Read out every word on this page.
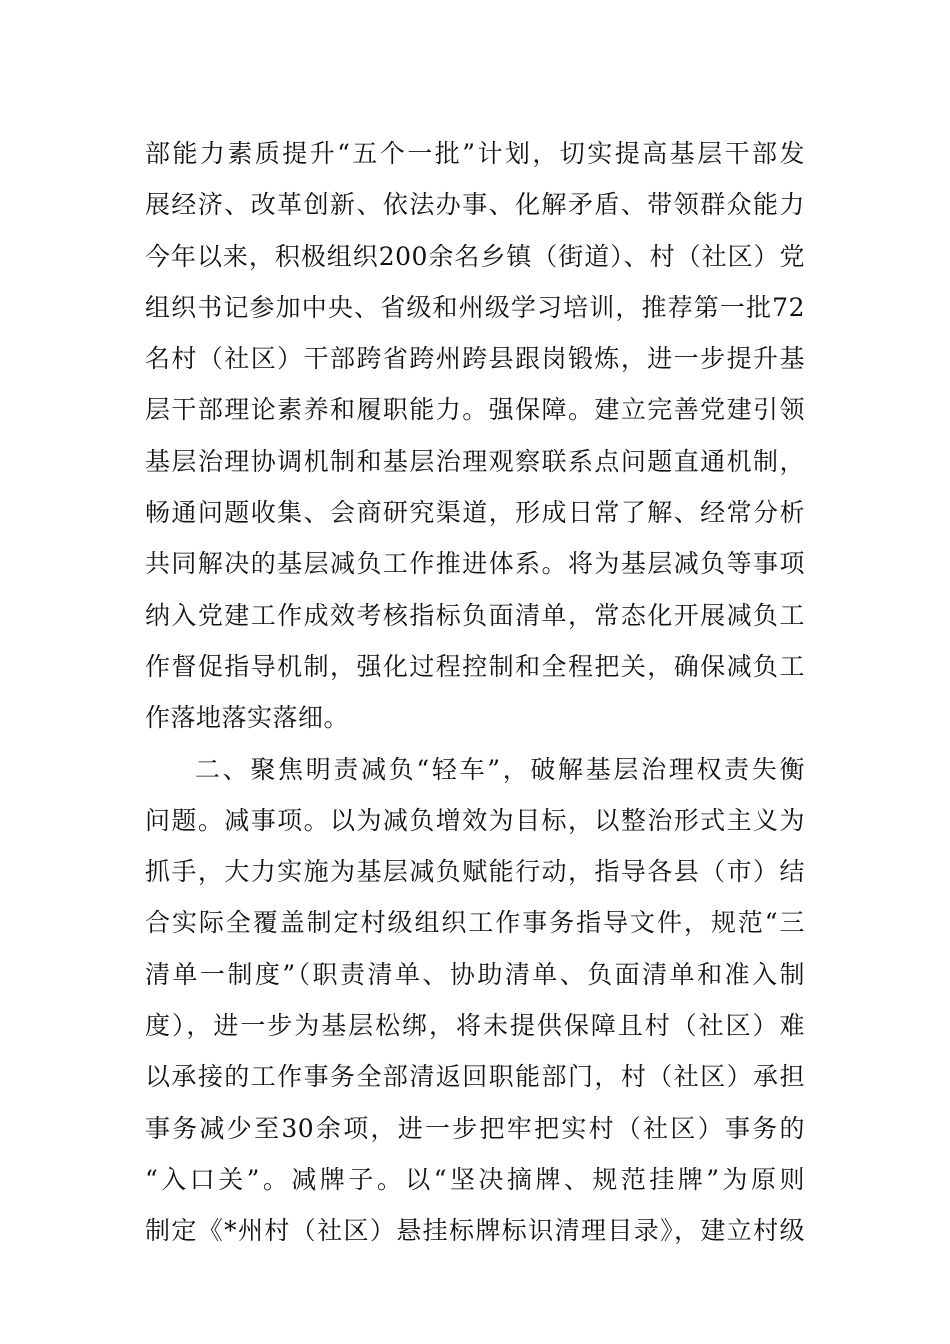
部能力素质提升“五个一批”计划，切实提高基层干部发
展经济、改革创新、依法办事、化解矛盾、带领群众能力
今年以来，积极组织200余名乡镇（街道）、村（社区）党
组织书记参加中央、省级和州级学习培训，推荐第一批72
名村（社区）干部跨省跨州跨县跟岗锻炼，进一步提升基
层干部理论素养和履职能力。强保障。建立完善党建引领
基层治理协调机制和基层治理观察联系点问题直通机制，
畅通问题收集、会商研究渠道，形成日常了解、经常分析
共同解决的基层减负工作推进体系。将为基层减负等事项
纳入党建工作成效考核指标负面清单，常态化开展减负工
作督促指导机制，强化过程控制和全程把关，确保减负工
作落地落实落细。
二、聚焦明责减负“轻车”，破解基层治理权责失衡
问题。减事项。以为减负增效为目标，以整治形式主义为
抓手，大力实施为基层减负赋能行动，指导各县（市）结
合实际全覆盖制定村级组织工作事务指导文件，规范“三
清单一制度”（职责清单、协助清单、负面清单和准入制
度），进一步为基层松绑，将未提供保障且村（社区）难
以承接的工作事务全部清返回职能部门，村（社区）承担
事务减少至30余项，进一步把牢把实村（社区）事务的
“入口关”。减牌子。以“坚决摘牌、规范挂牌”为原则
制定《*州村（社区）悬挂标牌标识清理目录》，建立村级
